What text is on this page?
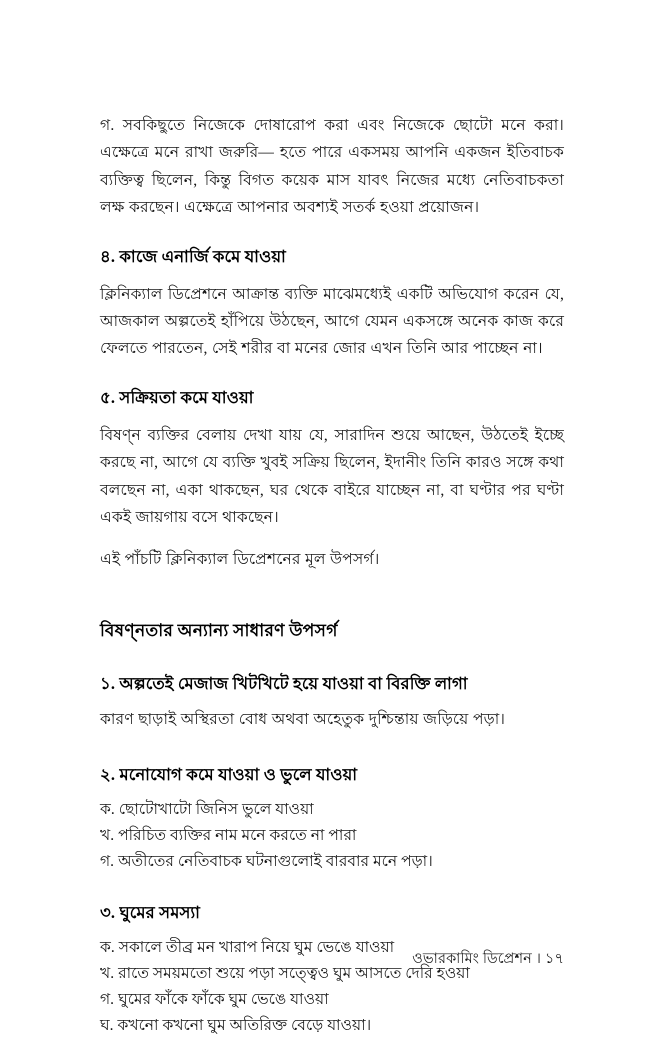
গ. সবকিছুতে নিজেকে দোষারোপ করা এবং নিজেকে ছোটো মনে করা। এক্ষেত্রে মনে রাখা জরুরি— হতে পারে একসময় আপনি একজন ইতিবাচক ব্যক্তিত্ব ছিলেন, কিন্তু বিগত কয়েক মাস যাবৎ নিজের মধ্যে নেতিবাচকতা লক্ষ করছেন। এক্ষেত্রে আপনার অবশ্যই সতর্ক হওয়া প্রয়োজন।

৪. কাজে এনার্জি কমে যাওয়া

ক্লিনিক্যাল ডিপ্রেশনে আক্রান্ত ব্যক্তি মাঝেমধ্যেই একটি অভিযোগ করেন যে, আজকাল অল্পতেই হাঁপিয়ে উঠছেন, আগে যেমন একসঙ্গে অনেক কাজ করে ফেলতে পারতেন, সেই শরীর বা মনের জোর এখন তিনি আর পাচ্ছেন না।

৫. সক্রিয়তা কমে যাওয়া

বিষণ্ন ব্যক্তির বেলায় দেখা যায় যে, সারাদিন শুয়ে আছেন, উঠতেই ইচ্ছে করছে না, আগে যে ব্যক্তি খুবই সক্রিয় ছিলেন, ইদানীং তিনি কারও সঙ্গে কথা বলছেন না, একা থাকছেন, ঘর থেকে বাইরে যাচ্ছেন না, বা ঘণ্টার পর ঘণ্টা একই জায়গায় বসে থাকছেন।

এই পাঁচটি ক্লিনিক্যাল ডিপ্রেশনের মূল উপসর্গ।

বিষণ্নতার অন্যান্য সাধারণ উপসর্গ
১. অল্পতেই মেজাজ খিটখিটে হয়ে যাওয়া বা বিরক্তি লাগা

কারণ ছাড়াই অস্থিরতা বোধ অথবা অহেতুক দুশ্চিন্তায় জড়িয়ে পড়া।

২. মনোযোগ কমে যাওয়া ও ভুলে যাওয়া

ক. ছোটোখাটো জিনিস ভুলে যাওয়া

খ. পরিচিত ব্যক্তির নাম মনে করতে না পারা

গ. অতীতের নেতিবাচক ঘটনাগুলোই বারবার মনে পড়া।

৩. ঘুমের সমস্যা

ক. সকালে তীব্র মন খারাপ নিয়ে ঘুম ভেঙে যাওয়া

খ. রাতে সময়মতো শুয়ে পড়া সত্ত্বেও ঘুম আসতে দেরি হওয়া

গ. ঘুমের ফাঁকে ফাঁকে ঘুম ভেঙে যাওয়া

ঘ. কখনো কখনো ঘুম অতিরিক্ত বেড়ে যাওয়া।

ওভারকামিং ডিপ্রেশন । ১৭
